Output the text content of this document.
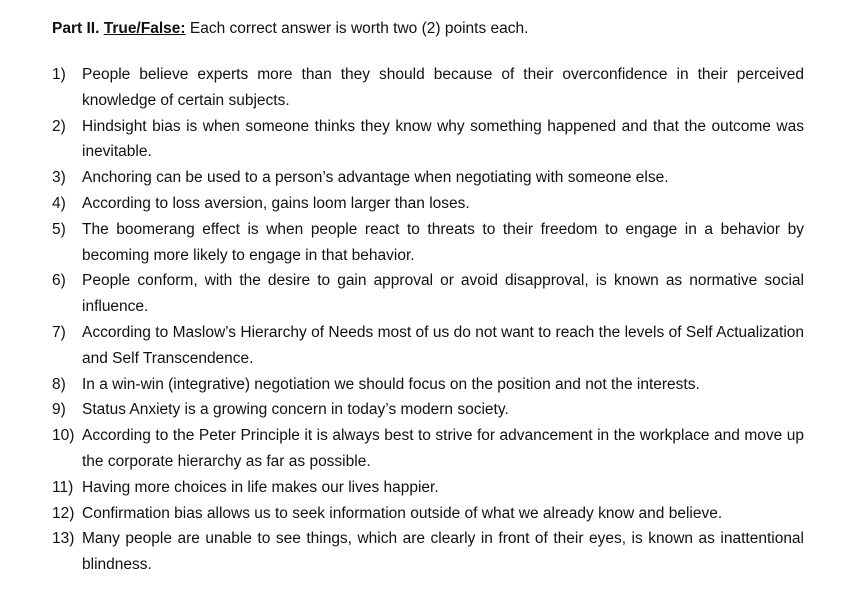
Part II. True/False: Each correct answer is worth two (2) points each.
1) People believe experts more than they should because of their overconfidence in their perceived knowledge of certain subjects.
2) Hindsight bias is when someone thinks they know why something happened and that the outcome was inevitable.
3) Anchoring can be used to a person’s advantage when negotiating with someone else.
4) According to loss aversion, gains loom larger than loses.
5) The boomerang effect is when people react to threats to their freedom to engage in a behavior by becoming more likely to engage in that behavior.
6) People conform, with the desire to gain approval or avoid disapproval, is known as normative social influence.
7) According to Maslow’s Hierarchy of Needs most of us do not want to reach the levels of Self Actualization and Self Transcendence.
8) In a win-win (integrative) negotiation we should focus on the position and not the interests.
9) Status Anxiety is a growing concern in today’s modern society.
10) According to the Peter Principle it is always best to strive for advancement in the workplace and move up the corporate hierarchy as far as possible.
11) Having more choices in life makes our lives happier.
12) Confirmation bias allows us to seek information outside of what we already know and believe.
13) Many people are unable to see things, which are clearly in front of their eyes, is known as inattentional blindness.
